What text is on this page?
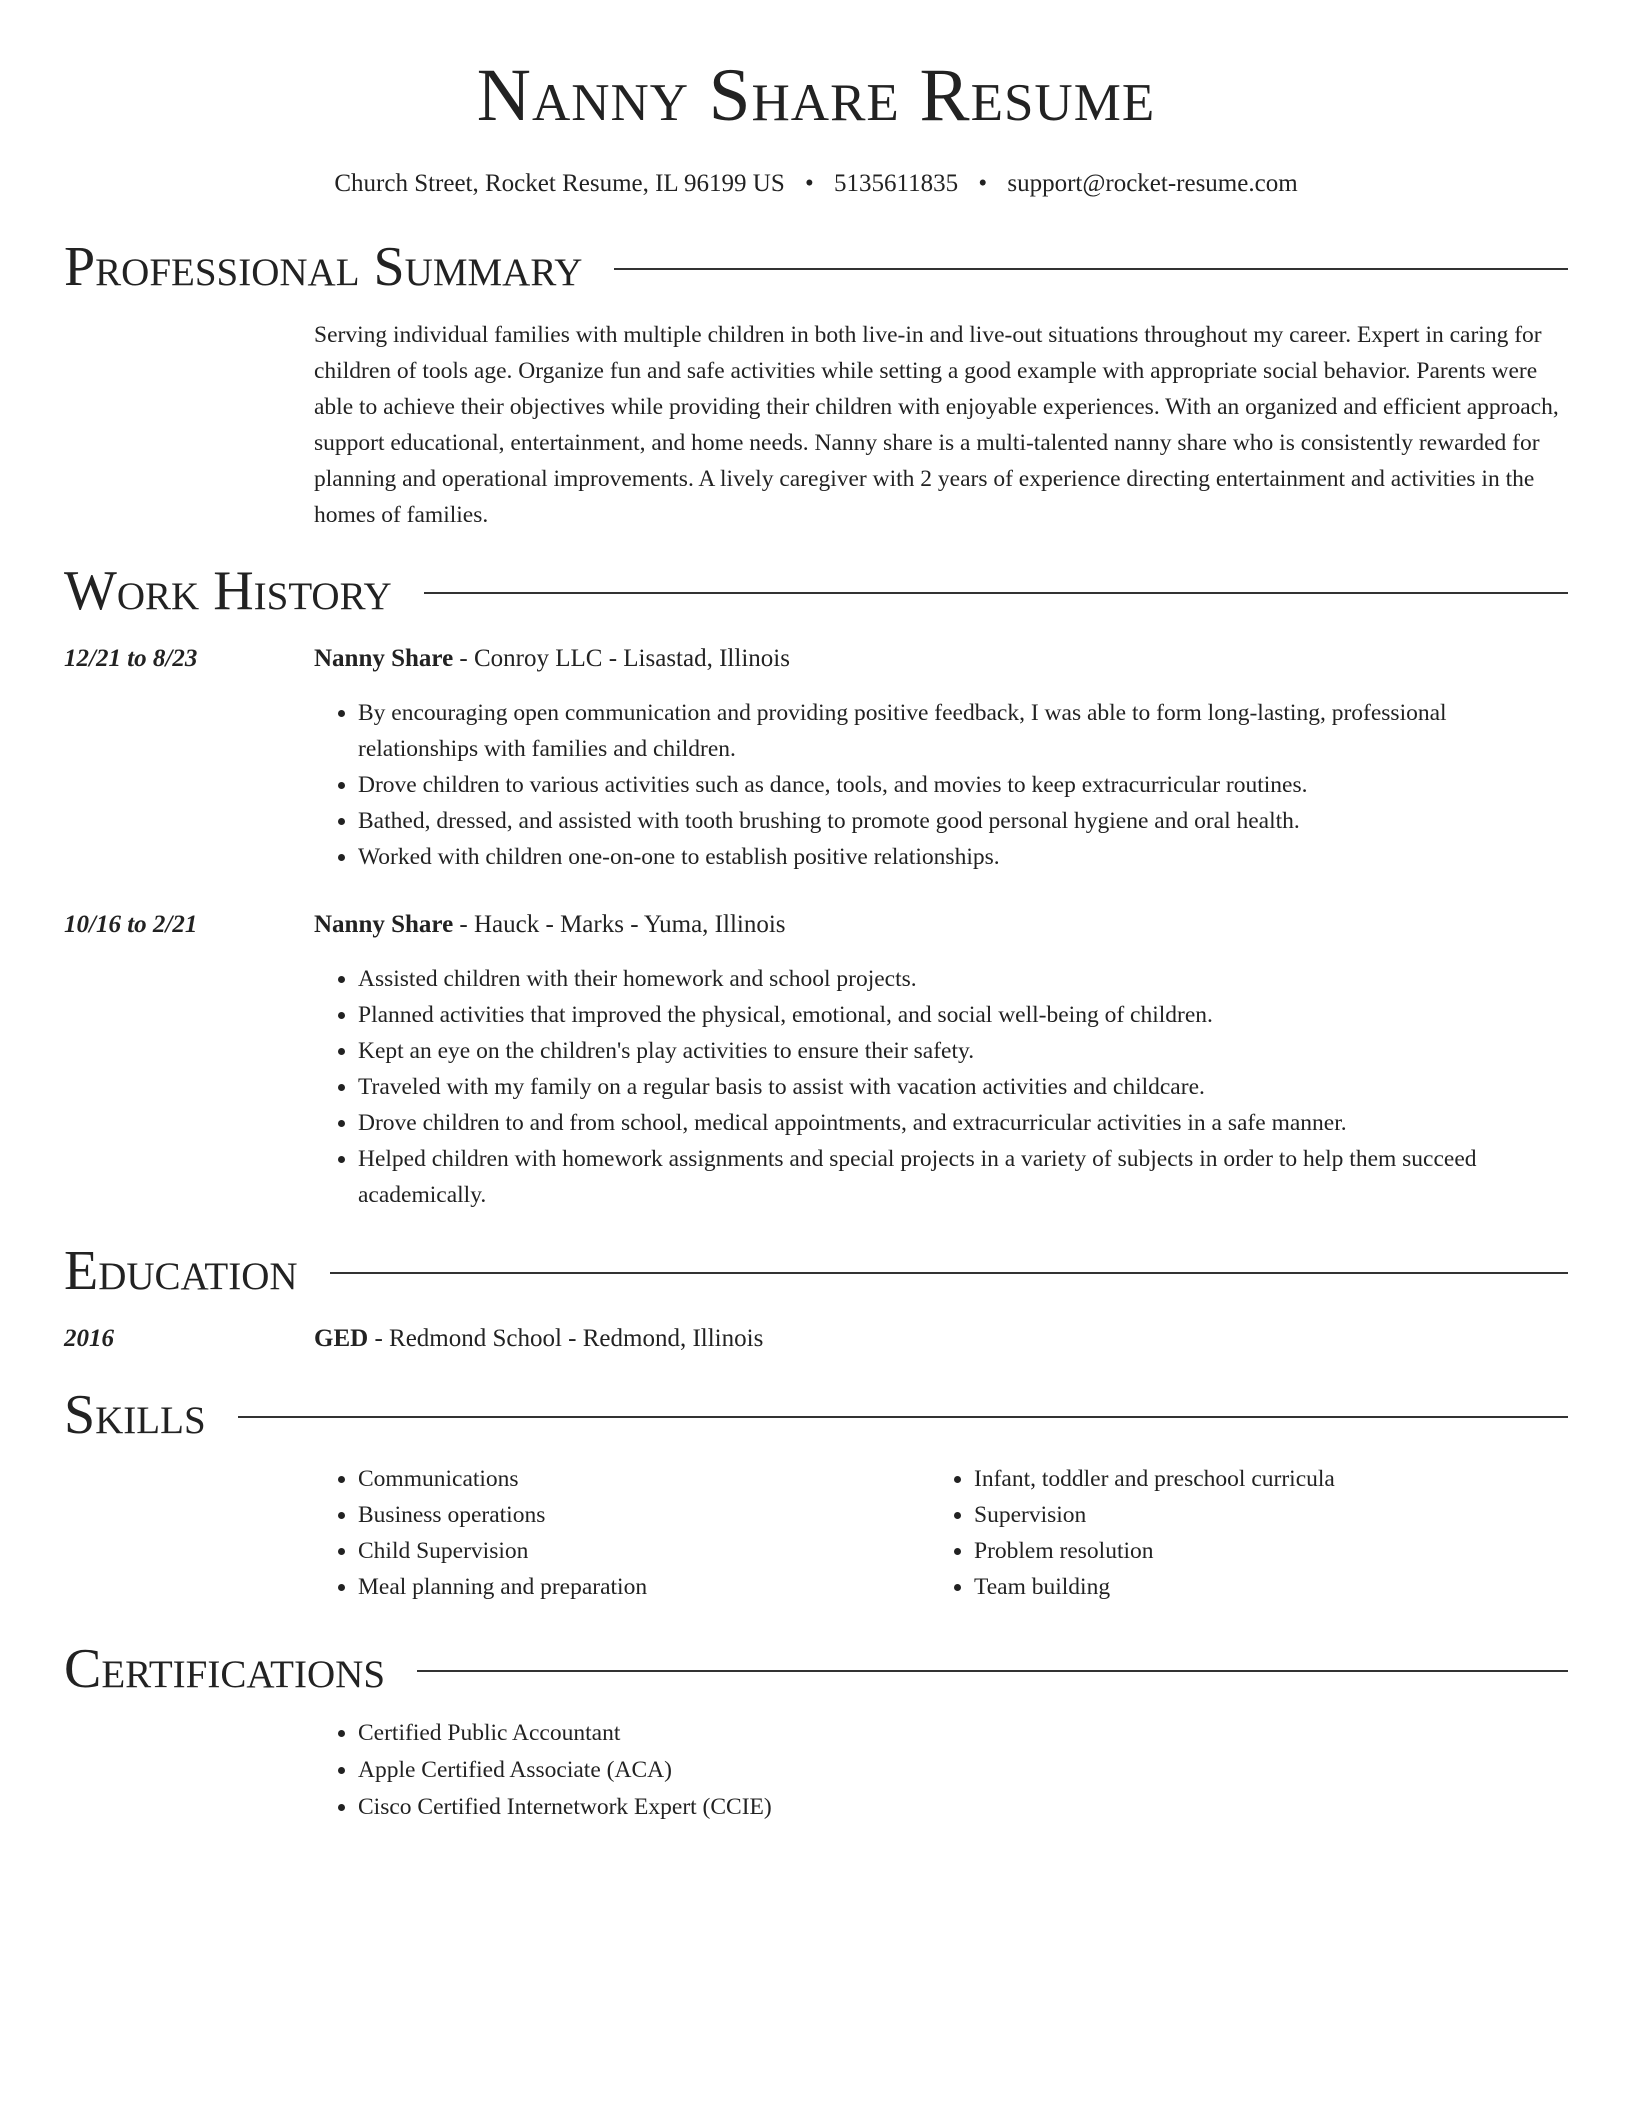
Nanny Share Resume
Church Street, Rocket Resume, IL 96199 US • 5135611835 • support@rocket-resume.com
Professional Summary
Serving individual families with multiple children in both live-in and live-out situations throughout my career. Expert in caring for children of tools age. Organize fun and safe activities while setting a good example with appropriate social behavior. Parents were able to achieve their objectives while providing their children with enjoyable experiences. With an organized and efficient approach, support educational, entertainment, and home needs. Nanny share is a multi-talented nanny share who is consistently rewarded for planning and operational improvements. A lively caregiver with 2 years of experience directing entertainment and activities in the homes of families.
Work History
12/21 to 8/23	Nanny Share - Conroy LLC - Lisastad, Illinois
• By encouraging open communication and providing positive feedback, I was able to form long-lasting, professional relationships with families and children.
• Drove children to various activities such as dance, tools, and movies to keep extracurricular routines.
• Bathed, dressed, and assisted with tooth brushing to promote good personal hygiene and oral health.
• Worked with children one-on-one to establish positive relationships.
10/16 to 2/21	Nanny Share - Hauck - Marks - Yuma, Illinois
• Assisted children with their homework and school projects.
• Planned activities that improved the physical, emotional, and social well-being of children.
• Kept an eye on the children's play activities to ensure their safety.
• Traveled with my family on a regular basis to assist with vacation activities and childcare.
• Drove children to and from school, medical appointments, and extracurricular activities in a safe manner.
• Helped children with homework assignments and special projects in a variety of subjects in order to help them succeed academically.
Education
2016	GED - Redmond School - Redmond, Illinois
Skills
• Communications
• Business operations
• Child Supervision
• Meal planning and preparation
• Infant, toddler and preschool curricula
• Supervision
• Problem resolution
• Team building
Certifications
• Certified Public Accountant
• Apple Certified Associate (ACA)
• Cisco Certified Internetwork Expert (CCIE)
